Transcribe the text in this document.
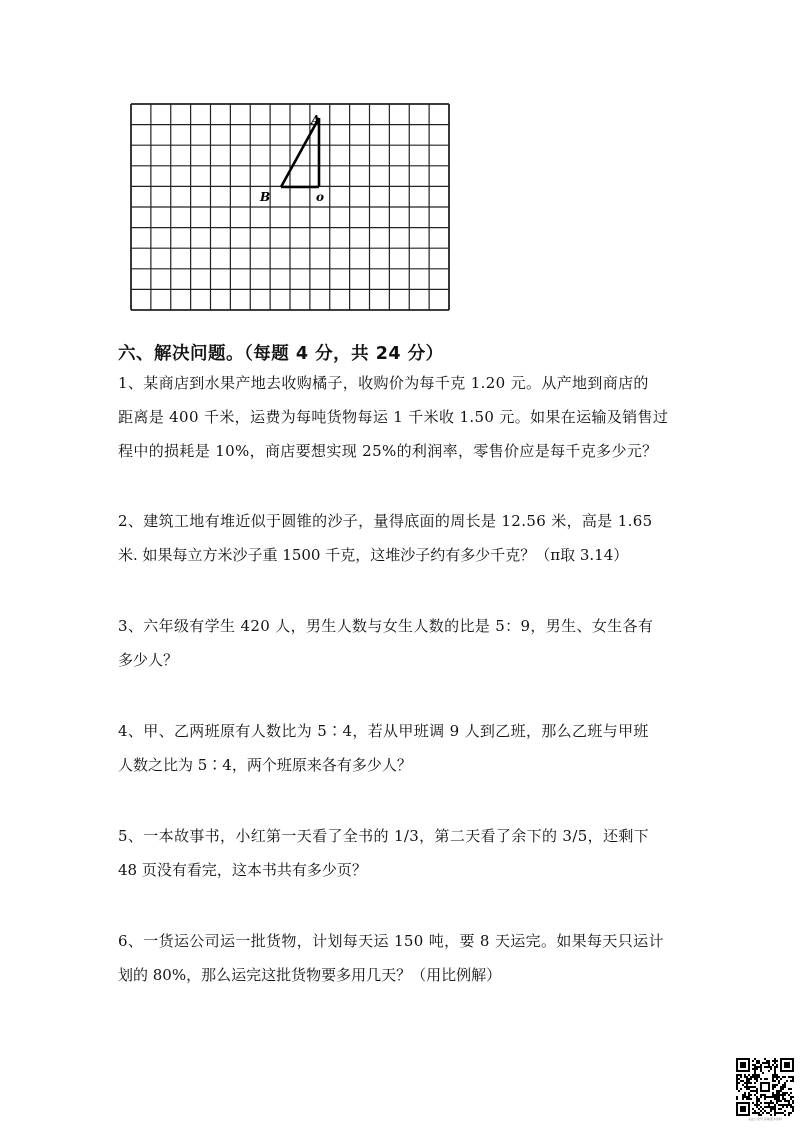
A
B	o
六、解决问题。（每题 4 分，共 24 分）
1、某商店到水果产地去收购橘子，收购价为每千克 1.20 元。从产地到商店的
距离是 400 千米，运费为每吨货物每运 1 千米收 1.50 元。如果在运输及销售过
程中的损耗是 10%，商店要想实现 25%的利润率，零售价应是每千克多少元？
2、建筑工地有堆近似于圆锥的沙子，量得底面的周长是 12.56 米，高是 1.65
米. 如果每立方米沙子重 1500 千克，这堆沙子约有多少千克？（π取 3.14）
3、六年级有学生 420 人，男生人数与女生人数的比是 5：9，男生、女生各有
多少人？
4、甲、乙两班原有人数比为 5∶4，若从甲班调 9 人到乙班，那么乙班与甲班
人数之比为 5∶4，两个班原来各有多少人？
5、一本故事书，小红第一天看了全书的 1/3，第二天看了余下的 3/5，还剩下
48 页没有看完，这本书共有多少页？
6、一货运公司运一批货物，计划每天运 150 吨，要 8 天运完。如果每天只运计
划的 80%，那么运完这批货物要多用几天？（用比例解）
关注公众号·获取更多资料
